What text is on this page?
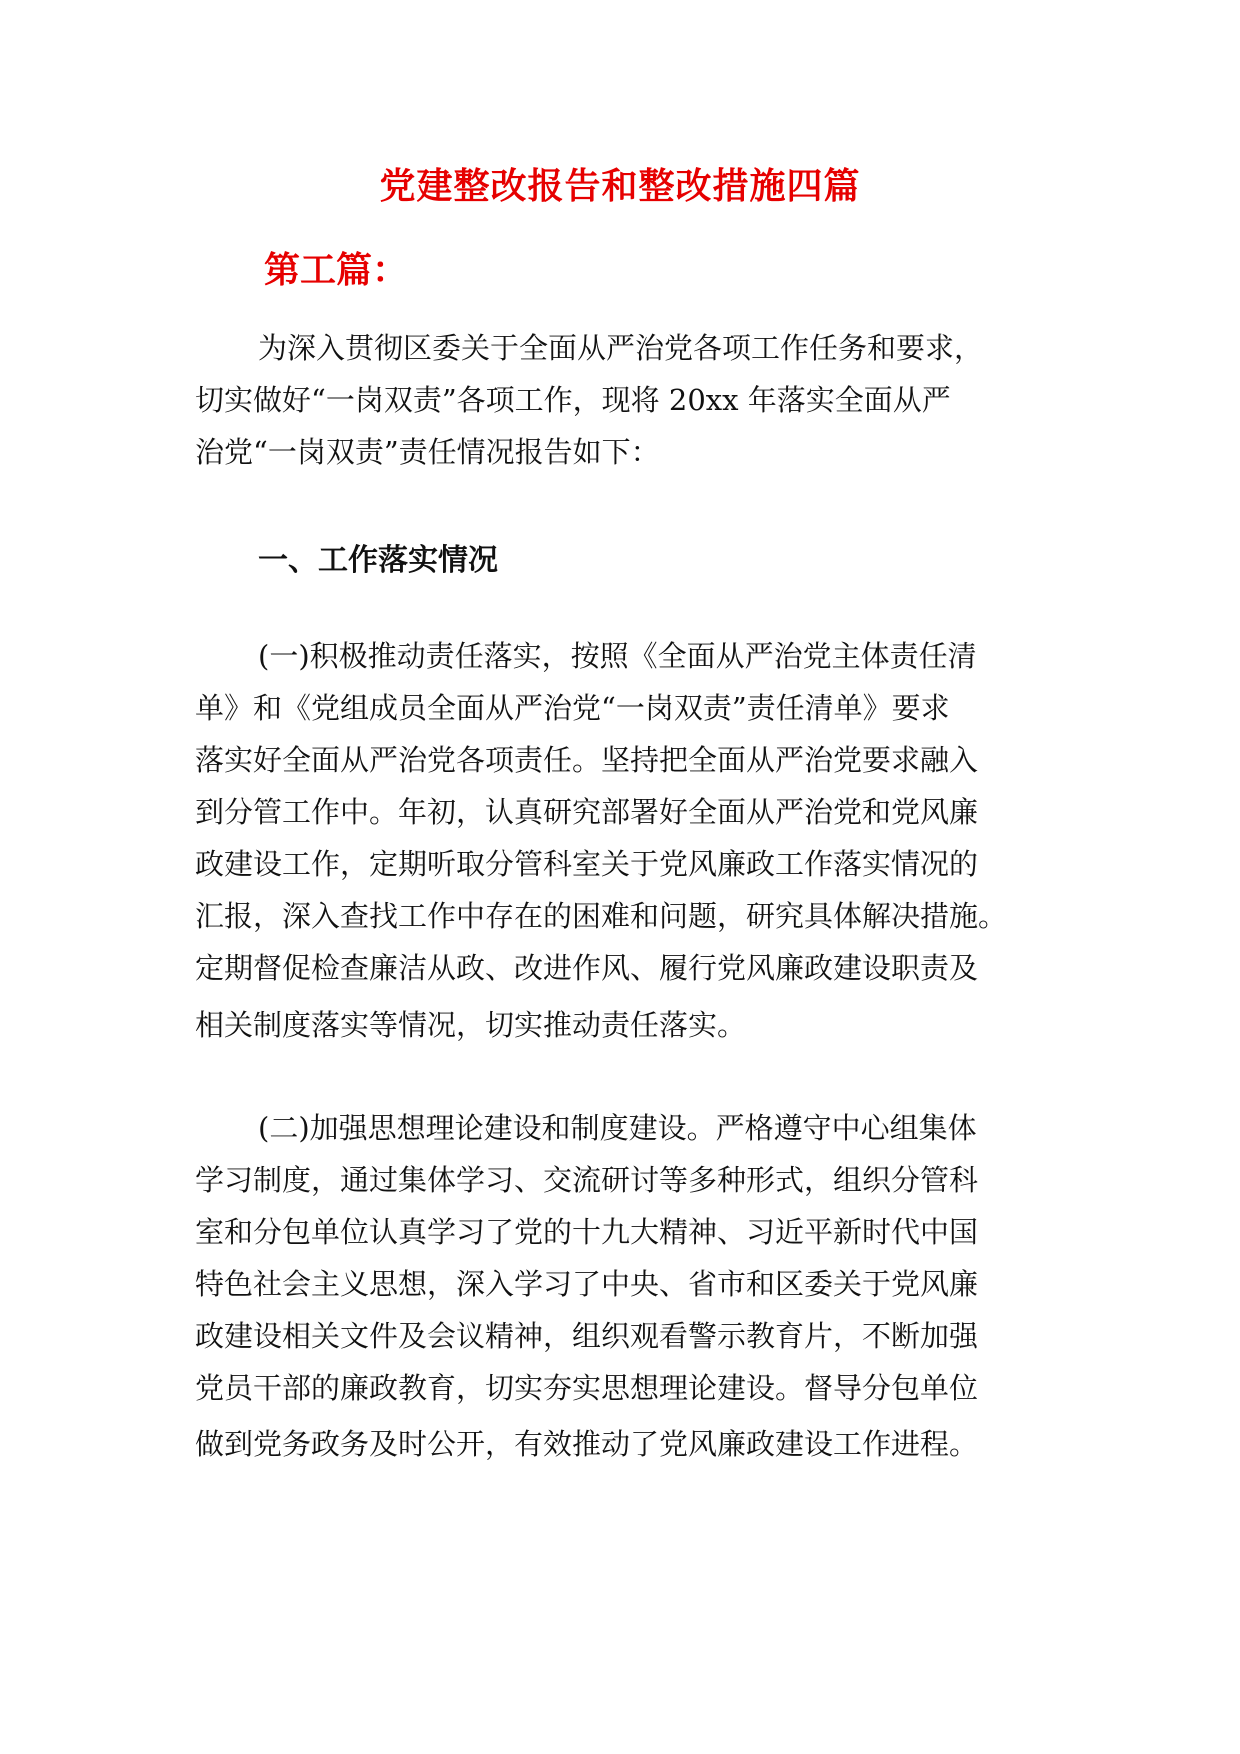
党建整改报告和整改措施四篇
第工篇：
为深入贯彻区委关于全面从严治党各项工作任务和要求，
切实做好“一岗双责”各项工作，现将 20xx 年落实全面从严
治党“一岗双责”责任情况报告如下：
一、工作落实情况
(一)积极推动责任落实，按照《全面从严治党主体责任清
单》和《党组成员全面从严治党“一岗双责”责任清单》要求
落实好全面从严治党各项责任。坚持把全面从严治党要求融入
到分管工作中。年初，认真研究部署好全面从严治党和党风廉
政建设工作，定期听取分管科室关于党风廉政工作落实情况的
汇报，深入查找工作中存在的困难和问题，研究具体解决措施。
定期督促检查廉洁从政、改进作风、履行党风廉政建设职责及
相关制度落实等情况，切实推动责任落实。
(二)加强思想理论建设和制度建设。严格遵守中心组集体
学习制度，通过集体学习、交流研讨等多种形式，组织分管科
室和分包单位认真学习了党的十九大精神、习近平新时代中国
特色社会主义思想，深入学习了中央、省市和区委关于党风廉
政建设相关文件及会议精神，组织观看警示教育片，不断加强
党员干部的廉政教育，切实夯实思想理论建设。督导分包单位
做到党务政务及时公开，有效推动了党风廉政建设工作进程。
